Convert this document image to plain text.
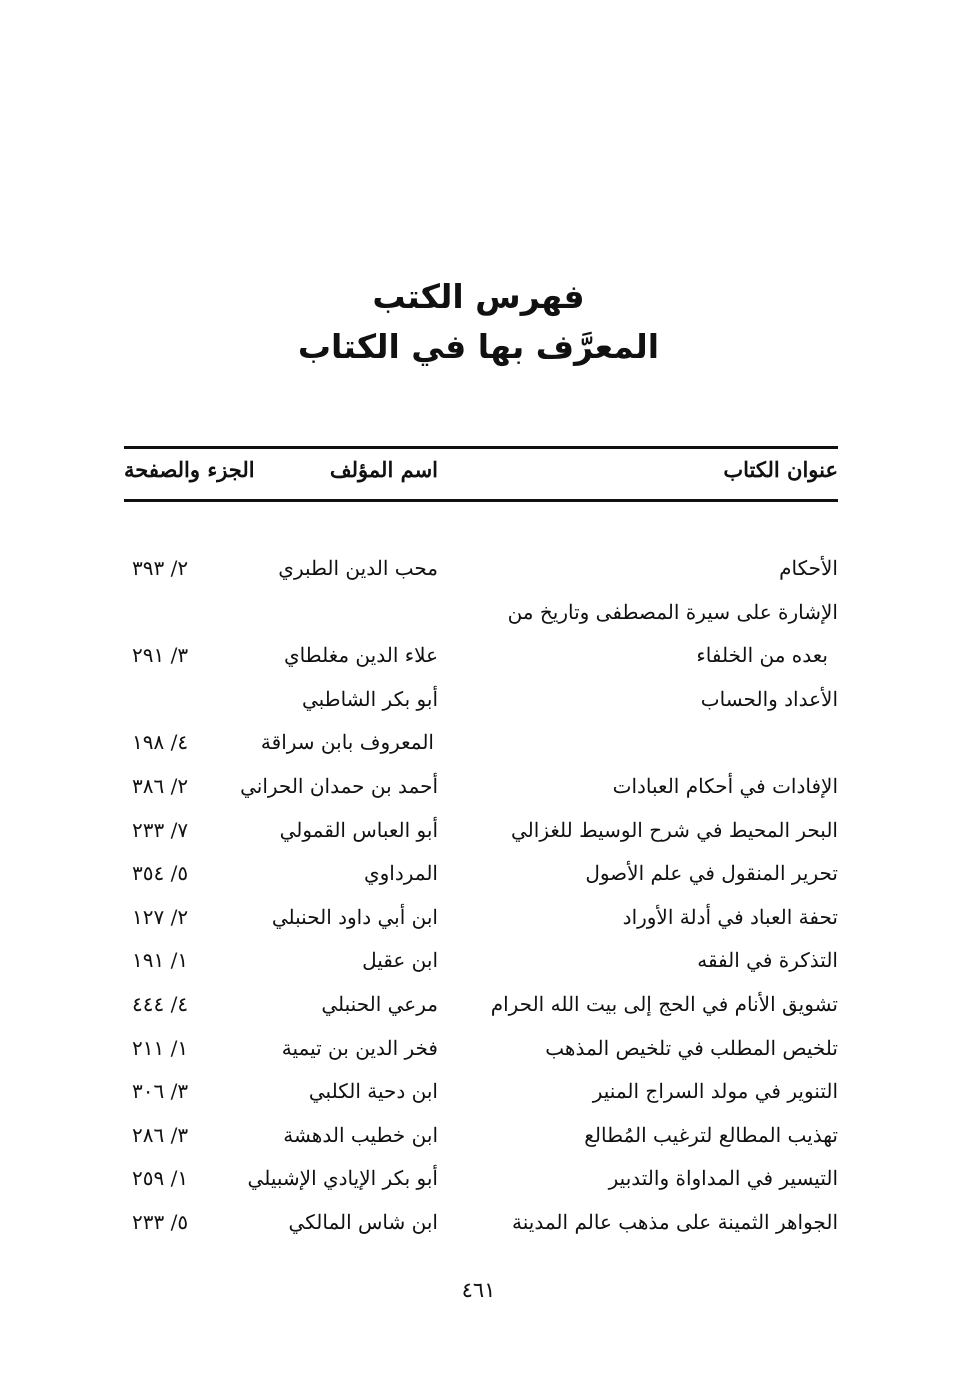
فهرس الكتب
المعرَّف بها في الكتاب
عنوان الكتاب
اسم المؤلف
الجزء والصفحة
الأحكام
محب الدين الطبري
٢/ ٣٩٣
الإشارة على سيرة المصطفى وتاريخ من
بعده من الخلفاء
علاء الدين مغلطاي
٣/ ٢٩١
الأعداد والحساب
أبو بكر الشاطبي
المعروف بابن سراقة
٤/ ١٩٨
الإفادات في أحكام العبادات
أحمد بن حمدان الحراني
٢/ ٣٨٦
البحر المحيط في شرح الوسيط للغزالي
أبو العباس القمولي
٧/ ٢٣٣
تحرير المنقول في علم الأصول
المرداوي
٥/ ٣٥٤
تحفة العباد في أدلة الأوراد
ابن أبي داود الحنبلي
٢/ ١٢٧
التذكرة في الفقه
ابن عقيل
١/ ١٩١
تشويق الأنام في الحج إلى بيت الله الحرام
مرعي الحنبلي
٤/ ٤٤٤
تلخيص المطلب في تلخيص المذهب
فخر الدين بن تيمية
١/ ٢١١
التنوير في مولد السراج المنير
ابن دحية الكلبي
٣/ ٣٠٦
تهذيب المطالع لترغيب المُطالع
ابن خطيب الدهشة
٣/ ٢٨٦
التيسير في المداواة والتدبير
أبو بكر الإيادي الإشبيلي
١/ ٢٥٩
الجواهر الثمينة على مذهب عالم المدينة
ابن شاس المالكي
٥/ ٢٣٣
٤٦١
